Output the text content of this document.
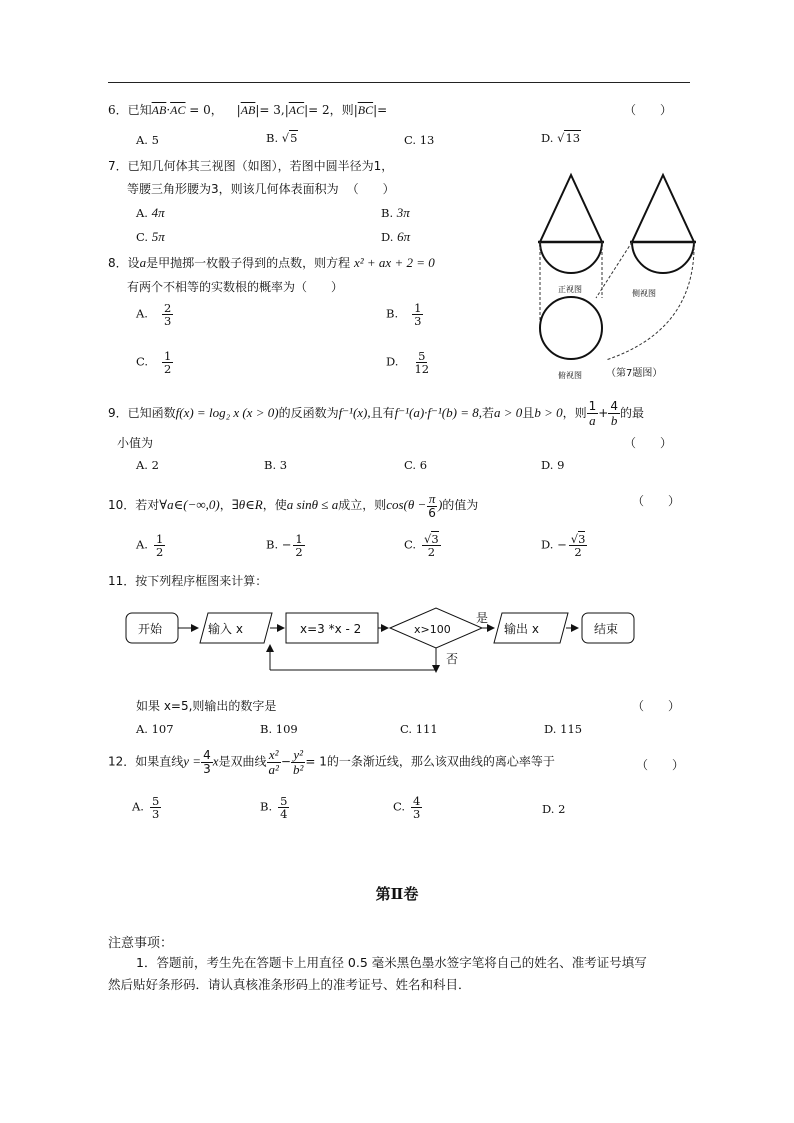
6．已知$\overline{AB}\cdot\overline{AC} = 0$， $|\overline{AB}|= 3,|\overline{AC}|= 2$，则$|\overline{BC}|=$	（　　）
A. 5	B. √5	C. 13	D. √13
7．已知几何体其三视图（如图），若图中圆半径为1，
等腰三角形腰为3，则该几何体表面积为 （　　）
A. 4π	B. 3π
C. 5π	D. 6π
正视图	侧视图
俯视图 （第7题图）
8．设a是甲抛掷一枚骰子得到的点数，则方程 x² + ax + 2 = 0
有两个不相等的实数根的概率为（　　）
A. $\frac{2}{3}$	B. $\frac{1}{3}$
C. $\frac{1}{2}$	D. $\frac{5}{12}$
9．已知函数f(x) = log₂ x (x > 0)的反函数为f⁻¹(x),且有f⁻¹(a)·f⁻¹(b) = 8,若a > 0且b > 0，则 $\frac{1}{a} + \frac{4}{b}$ 的最
小值为	（　　）
A. 2	B. 3	C. 6	D. 9
10．若对∀a∈(−∞,0)，∃θ∈R，使a sinθ ≤ a成立，则$\cos(\theta - \frac{\pi}{6}$ )的值为	（　　）
A. $\frac{1}{2}$	B. − $\frac{1}{2}$	C. $\frac{√3}{2}$	D. − $\frac{√3}{2}$
11．按下列程序框图来计算：
开始	输入 x	x=3 *x - 2	x>100
是
否
输出 x	结束
如果 x=5,则输出的数字是	（　　）
A. 107	B. 109	C. 111	D. 115
12．如果直线$y = \frac{4}{3}$ x是双曲线 $\frac{\text{x²}}{\text{a²}} - \frac{\text{y²}}{\text{b²}} = 1$的一条渐近线，那么该双曲线的离心率等于	（　　）
A. $\frac{5}{3}$	B. $\frac{5}{4}$	C. $\frac{4}{3}$	D. 2
第Ⅱ卷
注意事项：
1．答题前，考生先在答题卡上用直径 0.5 毫米黑色墨水签字笔将自己的姓名、准考证号填写
然后贴好条形码．请认真核准条形码上的准考证号、姓名和科目．
